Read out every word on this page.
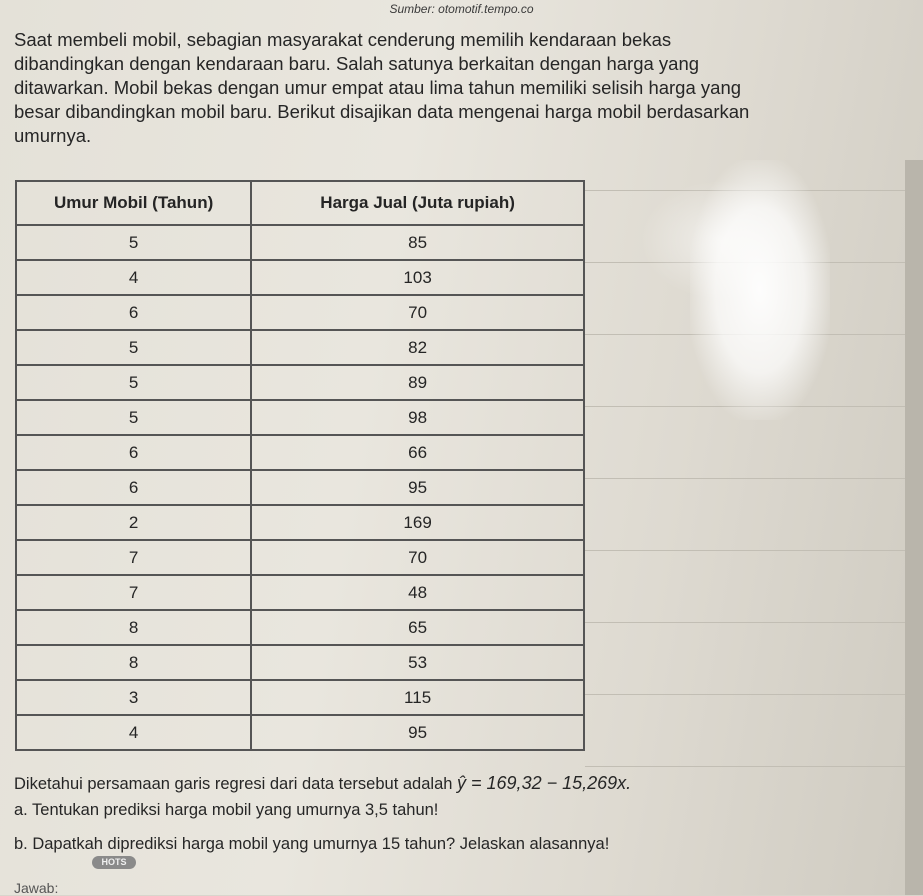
Sumber: otomotif.tempo.co
Saat membeli mobil, sebagian masyarakat cenderung memilih kendaraan bekas
dibandingkan dengan kendaraan baru. Salah satunya berkaitan dengan harga yang
ditawarkan. Mobil bekas dengan umur empat atau lima tahun memiliki selisih harga yang
besar dibandingkan mobil baru. Berikut disajikan data mengenai harga mobil berdasarkan
umurnya.
Umur Mobil (Tahun)	Harga Jual (Juta rupiah)
5	85
4	103
6	70
5	82
5	89
5	98
6	66
6	95
2	169
7	70
7	48
8	65
8	53
3	115
4	95
Diketahui persamaan garis regresi dari data tersebut adalah ŷ = 169,32 − 15,269x.
a. Tentukan prediksi harga mobil yang umurnya 3,5 tahun!
b. Dapatkah diprediksi harga mobil yang umurnya 15 tahun? Jelaskan alasannya!
HOTS
Jawab:
